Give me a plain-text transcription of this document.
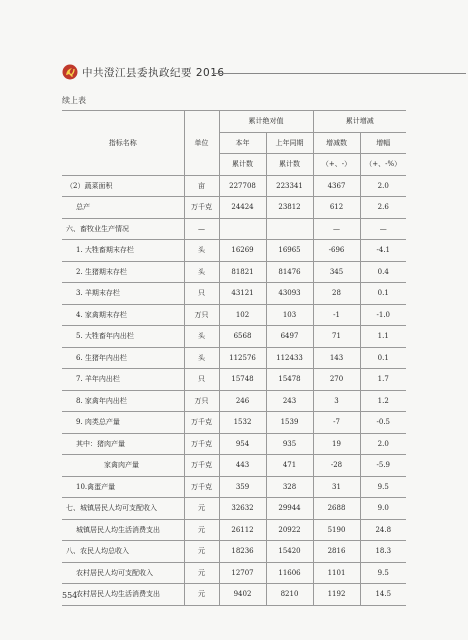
中共澄江县委执政纪要 2016
续上表
指标名称	单位	累计绝对值		累计增减	
		本年	上年同期	增减数	增幅
		累计数	累计数	（+、-）	（+、-%）
（2）蔬菜面积	亩	227708	223341	4367	2.0
总产	万千克	24424	23812	612	2.6
六、畜牧业生产情况	—			—	—
1. 大牲畜期末存栏	头	16269	16965	-696	-4.1
2. 生猪期末存栏	头	81821	81476	345	0.4
3. 羊期末存栏	只	43121	43093	28	0.1
4. 家禽期末存栏	万只	102	103	-1	-1.0
5. 大牲畜年内出栏	头	6568	6497	71	1.1
6. 生猪年内出栏	头	112576	112433	143	0.1
7. 羊年内出栏	只	15748	15478	270	1.7
8. 家禽年内出栏	万只	246	243	3	1.2
9. 肉类总产量	万千克	1532	1539	-7	-0.5
其中：猪肉产量	万千克	954	935	19	2.0
家禽肉产量	万千克	443	471	-28	-5.9
10.禽蛋产量	万千克	359	328	31	9.5
七、城镇居民人均可支配收入	元	32632	29944	2688	9.0
城镇居民人均生活消费支出	元	26112	20922	5190	24.8
八、农民人均总收入	元	18236	15420	2816	18.3
农村居民人均可支配收入	元	12707	11606	1101	9.5
农村居民人均生活消费支出	元	9402	8210	1192	14.5
554
